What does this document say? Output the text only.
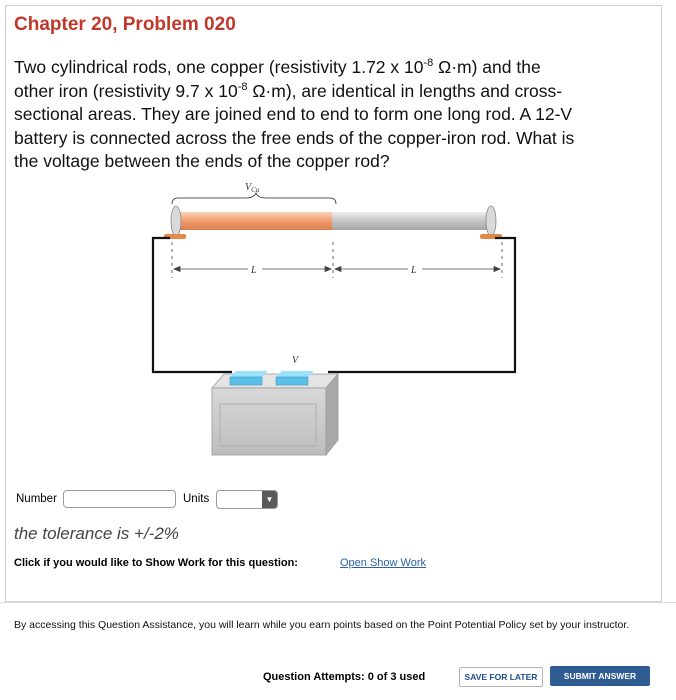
Chapter 20, Problem 020
Two cylindrical rods, one copper (resistivity 1.72 x $10^{-8}$ Ω·m) and the
other iron (resistivity 9.7 x $10^{-8}$ Ω·m), are identical in lengths and cross-
sectional areas. They are joined end to end to form one long rod. A 12-V
battery is connected across the free ends of the copper-iron rod. What is
the voltage between the ends of the copper rod?
$V_{Cu}$
L	L
V
Number	Units	▼
the tolerance is +/-2%
Click if you would like to Show Work for this question:	Open Show Work
By accessing this Question Assistance, you will learn while you earn points based on the Point Potential Policy set by your instructor.
Question Attempts: 0 of 3 used	SAVE FOR LATER	SUBMIT ANSWER
